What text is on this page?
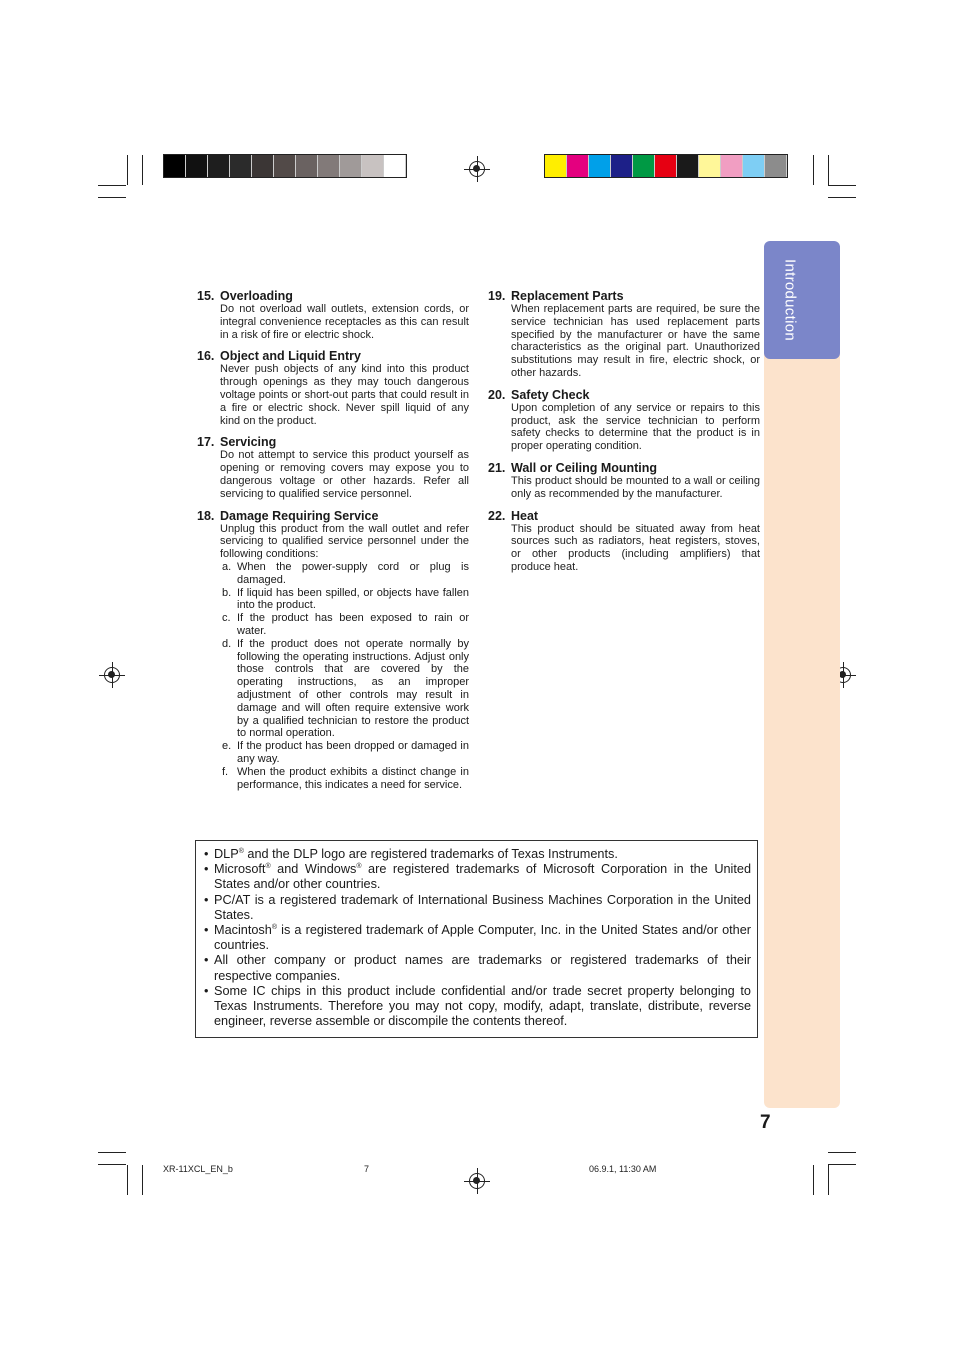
Introduction
15. Overloading
Do not overload wall outlets, extension cords, or integral convenience receptacles as this can result in a risk of fire or electric shock.
16. Object and Liquid Entry
Never push objects of any kind into this product through openings as they may touch dangerous voltage points or short-out parts that could result in a fire or electric shock. Never spill liquid of any kind on the product.
17. Servicing
Do not attempt to service this product yourself as opening or removing covers may expose you to dangerous voltage or other hazards. Refer all servicing to qualified service personnel.
18. Damage Requiring Service
Unplug this product from the wall outlet and refer servicing to qualified service personnel under the following conditions:
a. When the power-supply cord or plug is damaged.
b. If liquid has been spilled, or objects have fallen into the product.
c. If the product has been exposed to rain or water.
d. If the product does not operate normally by following the operating instructions. Adjust only those controls that are covered by the operating instructions, as an improper adjustment of other controls may result in damage and will often require extensive work by a qualified technician to restore the product to normal operation.
e. If the product has been dropped or damaged in any way.
f. When the product exhibits a distinct change in performance, this indicates a need for service.
19. Replacement Parts
When replacement parts are required, be sure the service technician has used replacement parts specified by the manufacturer or have the same characteristics as the original part. Unauthorized substitutions may result in fire, electric shock, or other hazards.
20. Safety Check
Upon completion of any service or repairs to this product, ask the service technician to perform safety checks to determine that the product is in proper operating condition.
21. Wall or Ceiling Mounting
This product should be mounted to a wall or ceiling only as recommended by the manufacturer.
22. Heat
This product should be situated away from heat sources such as radiators, heat registers, stoves, or other products (including amplifiers) that produce heat.
• DLP® and the DLP logo are registered trademarks of Texas Instruments.
• Microsoft® and Windows® are registered trademarks of Microsoft Corporation in the United States and/or other countries.
• PC/AT is a registered trademark of International Business Machines Corporation in the United States.
• Macintosh® is a registered trademark of Apple Computer, Inc. in the United States and/or other countries.
• All other company or product names are trademarks or registered trademarks of their respective companies.
• Some IC chips in this product include confidential and/or trade secret property belonging to Texas Instruments. Therefore you may not copy, modify, adapt, translate, distribute, reverse engineer, reverse assemble or discompile the contents thereof.
7
XR-11XCL_EN_b	7	06.9.1, 11:30 AM
